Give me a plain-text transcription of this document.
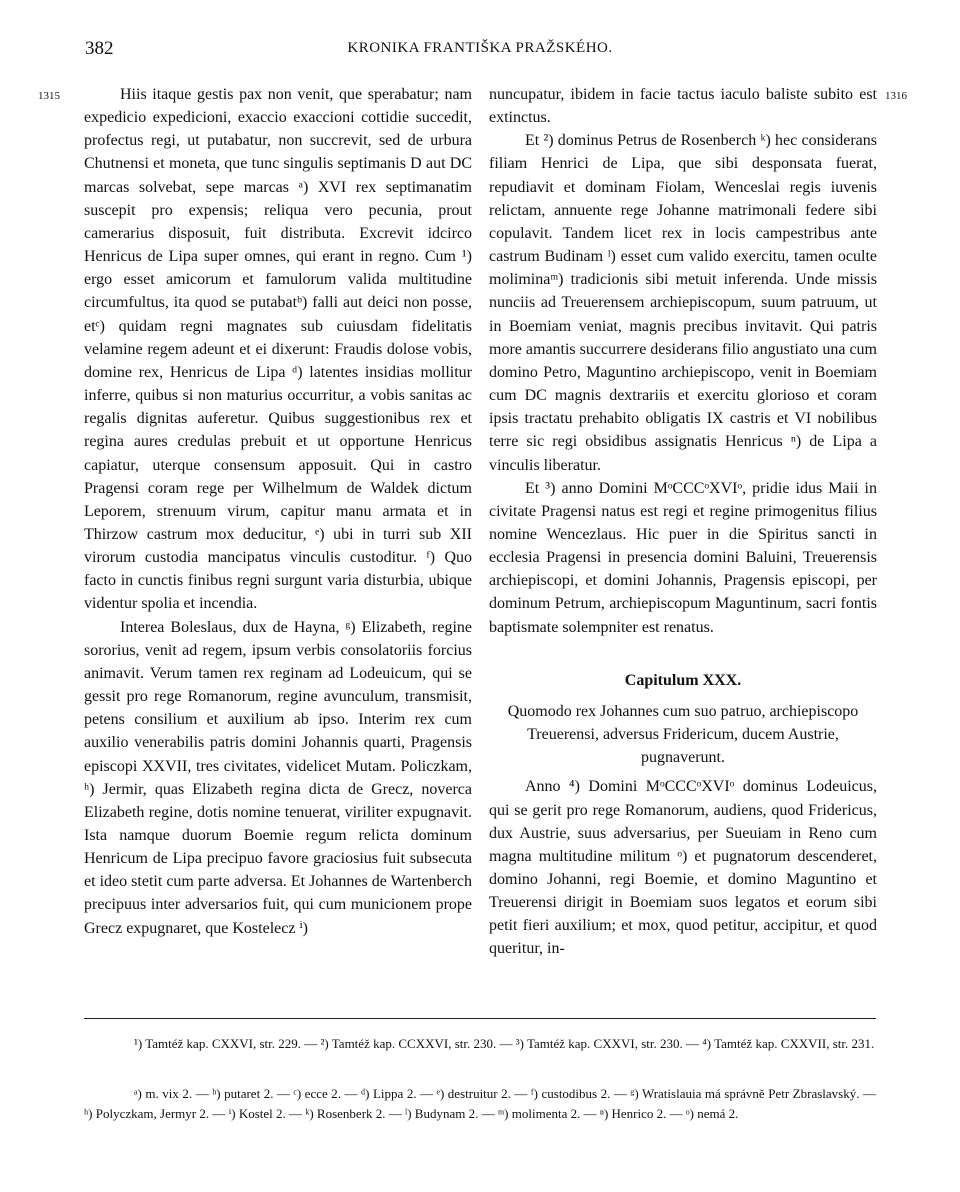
382	KRONIKA FRANTIŠKA PRAŽSKÉHO.
1315	1316

Hiis itaque gestis pax non venit, que sperabatur; nam expedicio expedicioni, exaccio exaccioni cottidie succedit, profectus regi, ut putabatur, non succrevit, sed de urbura Chutnensi et moneta, que tunc singulis septimanis D aut DC marcas solvebat, sepe marcas ᵃ) XVI rex septimanatim suscepit pro expensis; reliqua vero pecunia, prout camerarius disposuit, fuit distributa. Excrevit idcirco Henricus de Lipa super omnes, qui erant in regno. Cum ¹) ergo esset amicorum et famulorum valida multitudine circumfultus, ita quod se putabatᵇ) falli aut deici non posse, etᶜ) quidam regni magnates sub cuiusdam fidelitatis velamine regem adeunt et ei dixerunt: Fraudis dolose vobis, domine rex, Henricus de Lipa ᵈ) latentes insidias mollitur inferre, quibus si non maturius occurritur, a vobis sanitas ac regalis dignitas auferetur. Quibus suggestionibus rex et regina aures credulas prebuit et ut opportune Henricus capiatur, uterque consensum apposuit. Qui in castro Pragensi coram rege per Wilhelmum de Waldek dictum Leporem, strenuum virum, capitur manu armata et in Thirzow castrum mox deducitur, ᵉ) ubi in turri sub XII virorum custodia mancipatus vinculis custoditur. ᶠ) Quo facto in cunctis finibus regni surgunt varia disturbia, ubique videntur spolia et incendia.

Interea Boleslaus, dux de Hayna, ᵍ) Elizabeth, regine sororius, venit ad regem, ipsum verbis consolatoriis forcius animavit. Verum tamen rex reginam ad Lodeuicum, qui se gessit pro rege Romanorum, regine avunculum, transmisit, petens consilium et auxilium ab ipso. Interim rex cum auxilio venerabilis patris domini Johannis quarti, Pragensis episcopi XXVII, tres civitates, videlicet Mutam. Policzkam, ʰ) Jermir, quas Elizabeth regina dicta de Grecz, noverca Elizabeth regine, dotis nomine tenuerat, viriliter expugnavit. Ista namque duorum Boemie regum relicta dominum Henricum de Lipa precipuo favore graciosius fuit subsecuta et ideo stetit cum parte adversa. Et Johannes de Wartenberch precipuus inter adversarios fuit, qui cum municionem prope Grecz expugnaret, que Kostelecz ⁱ)

nuncupatur, ibidem in facie tactus iaculo baliste subito est extinctus.

Et ²) dominus Petrus de Rosenberch ᵏ) hec considerans filiam Henrici de Lipa, que sibi desponsata fuerat, repudiavit et dominam Fiolam, Wenceslai regis iuvenis relictam, annuente rege Johanne matrimonali federe sibi copulavit. Tandem licet rex in locis campestribus ante castrum Budinam ˡ) esset cum valido exercitu, tamen oculte moliminaᵐ) tradicionis sibi metuit inferenda. Unde missis nunciis ad Treuerensem archiepiscopum, suum patruum, ut in Boemiam veniat, magnis precibus invitavit. Qui patris more amantis succurrere desiderans filio angustiato una cum domino Petro, Maguntino archiepiscopo, venit in Boemiam cum DC magnis dextrariis et exercitu glorioso et coram ipsis tractatu prehabito obligatis IX castris et VI nobilibus terre sic regi obsidibus assignatis Henricus ⁿ) de Lipa a vinculis liberatur.

Et ³) anno Domini MᵒCCCᵒXVIᵒ, pridie idus Maii in civitate Pragensi natus est regi et regine primogenitus filius nomine Wencezlaus. Hic puer in die Spiritus sancti in ecclesia Pragensi in presencia domini Baluini, Treuerensis archiepiscopi, et domini Johannis, Pragensis episcopi, per dominum Petrum, archiepiscopum Maguntinum, sacri fontis baptismate solempniter est renatus.

Capitulum XXX.
Quomodo rex Johannes cum suo patruo, archiepiscopo Treuerensi, adversus Fridericum, ducem Austrie, pugnaverunt.

Anno ⁴) Domini MᵒCCCᵒXVIᵒ dominus Lodeuicus, qui se gerit pro rege Romanorum, audiens, quod Fridericus, dux Austrie, suus adversarius, per Sueuiam in Reno cum magna multitudine militum ᵒ) et pugnatorum descenderet, domino Johanni, regi Boemie, et domino Maguntino et Treuerensi dirigit in Boemiam suos legatos et eorum sibi petit fieri auxilium; et mox, quod petitur, accipitur, et quod queritur, in-

¹) Tamtéž kap. CXXVI, str. 229. — ²) Tamtéž kap. CCXXVI, str. 230. — ³) Tamtéž kap. CXXVI, str. 230. — ⁴) Tamtéž kap. CXXVII, str. 231.

ᵃ) m. vix 2. — ᵇ) putaret 2. — ᶜ) ecce 2. — ᵈ) Lippa 2. — ᵉ) destruitur 2. — ᶠ) custodibus 2. — ᵍ) Wratislauia má správně Petr Zbraslavský. — ʰ) Polyczkam, Jermyr 2. — ⁱ) Kostel 2. — ᵏ) Rosenberk 2. — ˡ) Budynam 2. — ᵐ) molimenta 2. — ⁿ) Henrico 2. — ᵒ) nemá 2.
